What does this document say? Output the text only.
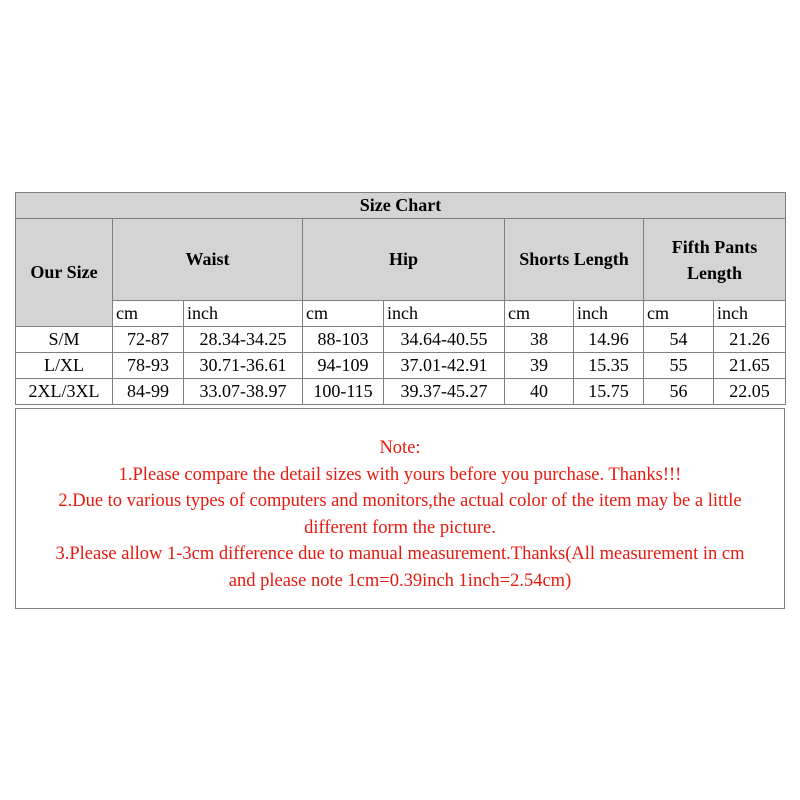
Size Chart								
Our Size	Waist		Hip		Shorts Length		Fifth Pants
Length	

	cm	inch	cm	inch	cm	inch	cm	inch
S/M	72-87	28.34-34.25	88-103	34.64-40.55	38	14.96	54	21.26
L/XL	78-93	30.71-36.61	94-109	37.01-42.91	39	15.35	55	21.65
2XL/3XL	84-99	33.07-38.97	100-115	39.37-45.27	40	15.75	56	22.05
Note:
1.Please compare the detail sizes with yours before you purchase. Thanks!!!
2.Due to various types of computers and monitors,the actual color of the item may be a little
different form the picture.
3.Please allow 1-3cm difference due to manual measurement.Thanks(All measurement in cm
and please note 1cm=0.39inch 1inch=2.54cm)
